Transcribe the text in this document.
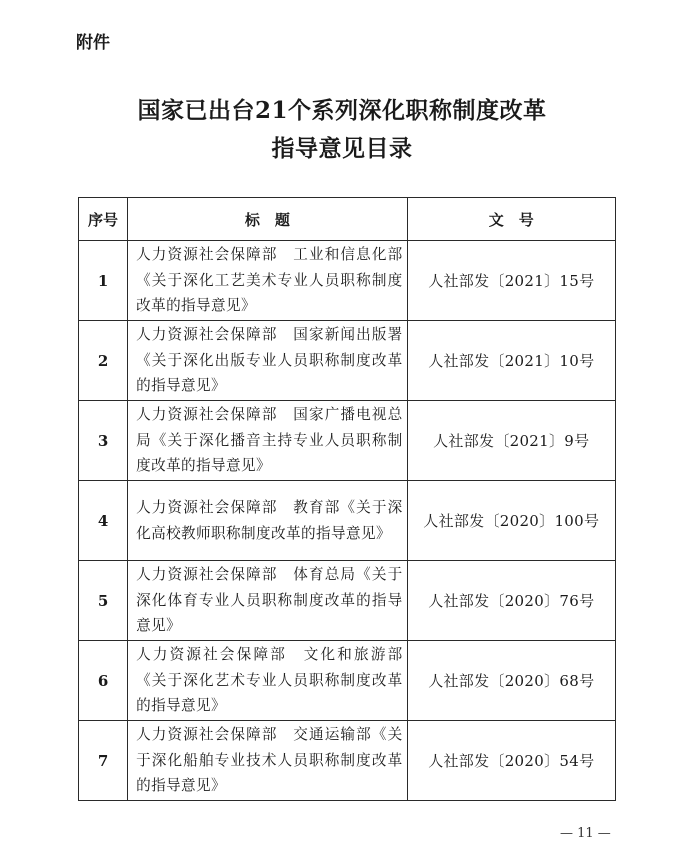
附件
国家已出台21个系列深化职称制度改革
指导意见目录
序号	标　题	文　号
1	人力资源社会保障部　工业和信息化部《关于深化工艺美术专业人员职称制度改革的指导意见》	人社部发〔2021〕15号
2	人力资源社会保障部　国家新闻出版署《关于深化出版专业人员职称制度改革的指导意见》	人社部发〔2021〕10号
3	人力资源社会保障部　国家广播电视总局《关于深化播音主持专业人员职称制度改革的指导意见》	人社部发〔2021〕9号
4	人力资源社会保障部　教育部《关于深化高校教师职称制度改革的指导意见》	人社部发〔2020〕100号
5	人力资源社会保障部　体育总局《关于深化体育专业人员职称制度改革的指导意见》	人社部发〔2020〕76号
6	人力资源社会保障部　文化和旅游部《关于深化艺术专业人员职称制度改革的指导意见》	人社部发〔2020〕68号
7	人力资源社会保障部　交通运输部《关于深化船舶专业技术人员职称制度改革的指导意见》	人社部发〔2020〕54号
— 11 —
